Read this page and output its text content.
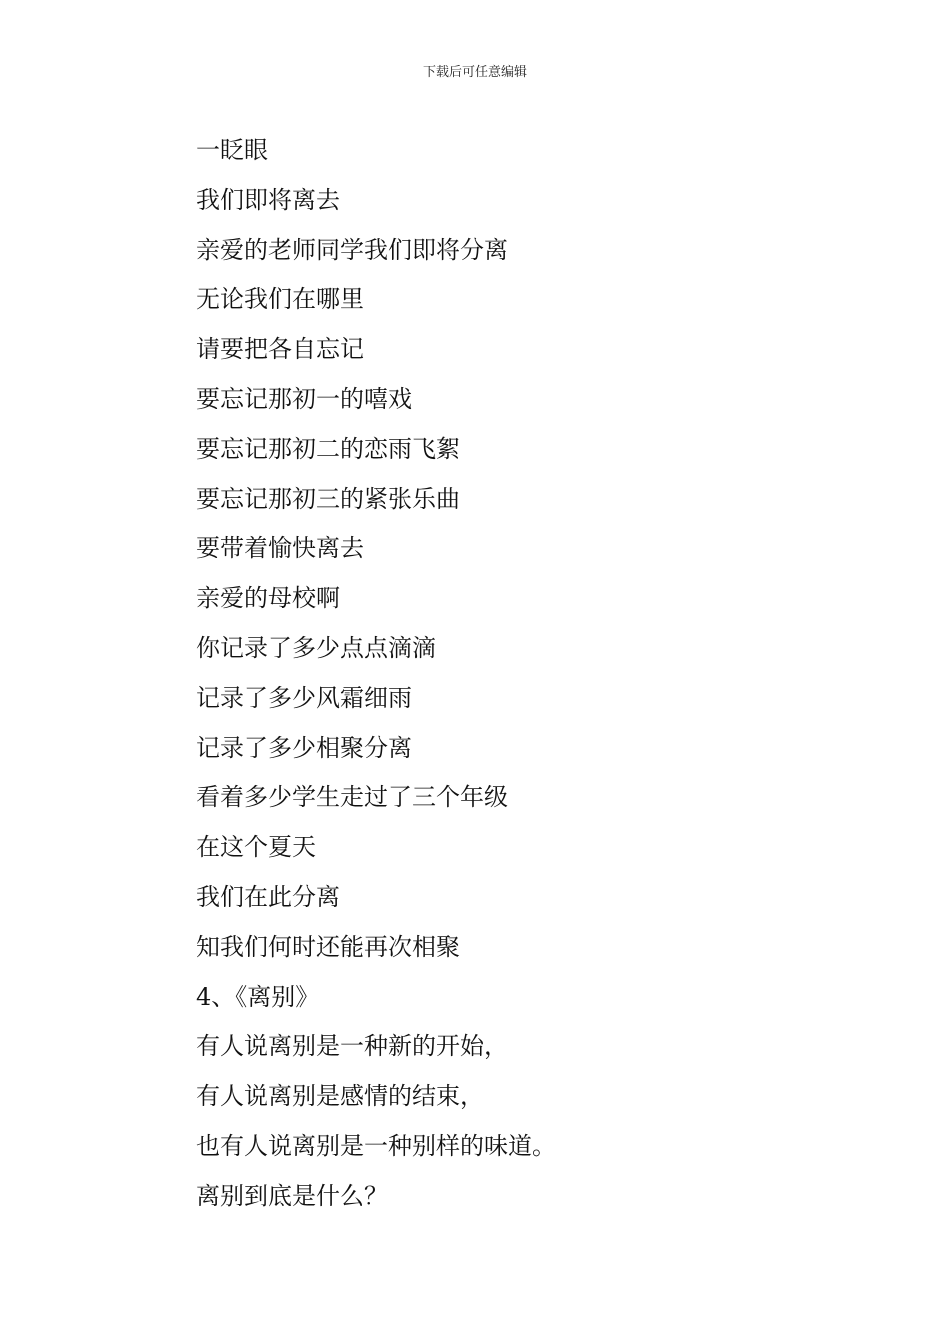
下载后可任意编辑
一眨眼
我们即将离去
亲爱的老师同学我们即将分离
无论我们在哪里
请要把各自忘记
要忘记那初一的嘻戏
要忘记那初二的恋雨飞絮
要忘记那初三的紧张乐曲
要带着愉快离去
亲爱的母校啊
你记录了多少点点滴滴
记录了多少风霜细雨
记录了多少相聚分离
看着多少学生走过了三个年级
在这个夏天
我们在此分离
知我们何时还能再次相聚
4、《离别》
有人说离别是一种新的开始，
有人说离别是感情的结束，
也有人说离别是一种别样的味道。
离别到底是什么？
